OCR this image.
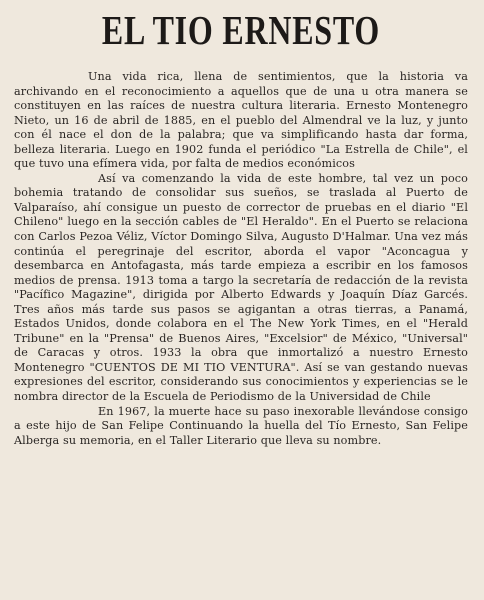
EL TIO ERNESTO

Una vida rica, llena de sentimientos, que la historia va archivando en el reconocimiento a aquellos que de una u otra manera se constituyen en las raíces de nuestra cultura literaria. Ernesto Montenegro Nieto, un 16 de abril de 1885, en el pueblo del Almendral ve la luz, y junto con él nace el don de la palabra; que va simplificando hasta dar forma, belleza literaria. Luego en 1902 funda el periódico "La Estrella de Chile", el que tuvo una efímera vida, por falta de medios económicos

Así va comenzando la vida de este hombre, tal vez un poco bohemia tratando de consolidar sus sueños, se traslada al Puerto de Valparaíso, ahí consigue un puesto de corrector de pruebas en el diario "El Chileno" luego en la sección cables de "El Heraldo". En el Puerto se relaciona con Carlos Pezoa Véliz, Víctor Domingo Silva, Augusto D'Halmar. Una vez más continúa el peregrinaje del escritor, aborda el vapor "Aconcagua y desembarca en Antofagasta, más tarde empieza a escribir en los famosos medios de prensa. 1913 toma a targo la secretaría de redacción de la revista "Pacífico Magazine", dirigida por Alberto Edwards y Joaquín Díaz Garcés. Tres años más tarde sus pasos se agigantan a otras tierras, a Panamá, Estados Unidos, donde colabora en el The New York Times, en el "Herald Tribune" en la "Prensa" de Buenos Aires, "Excelsior" de México, "Universal" de Caracas y otros. 1933 la obra que inmortalizó a nuestro Ernesto Montenegro "CUENTOS DE MI TIO VENTURA". Así se van gestando nuevas expresiones del escritor, considerando sus conocimientos y experiencias se le nombra director de la Escuela de Periodismo de la Universidad de Chile

En 1967, la muerte hace su paso inexorable llevándose consigo a este hijo de San Felipe Continuando la huella del Tío Ernesto, San Felipe Alberga su memoria, en el Taller Literario que lleva su nombre.
